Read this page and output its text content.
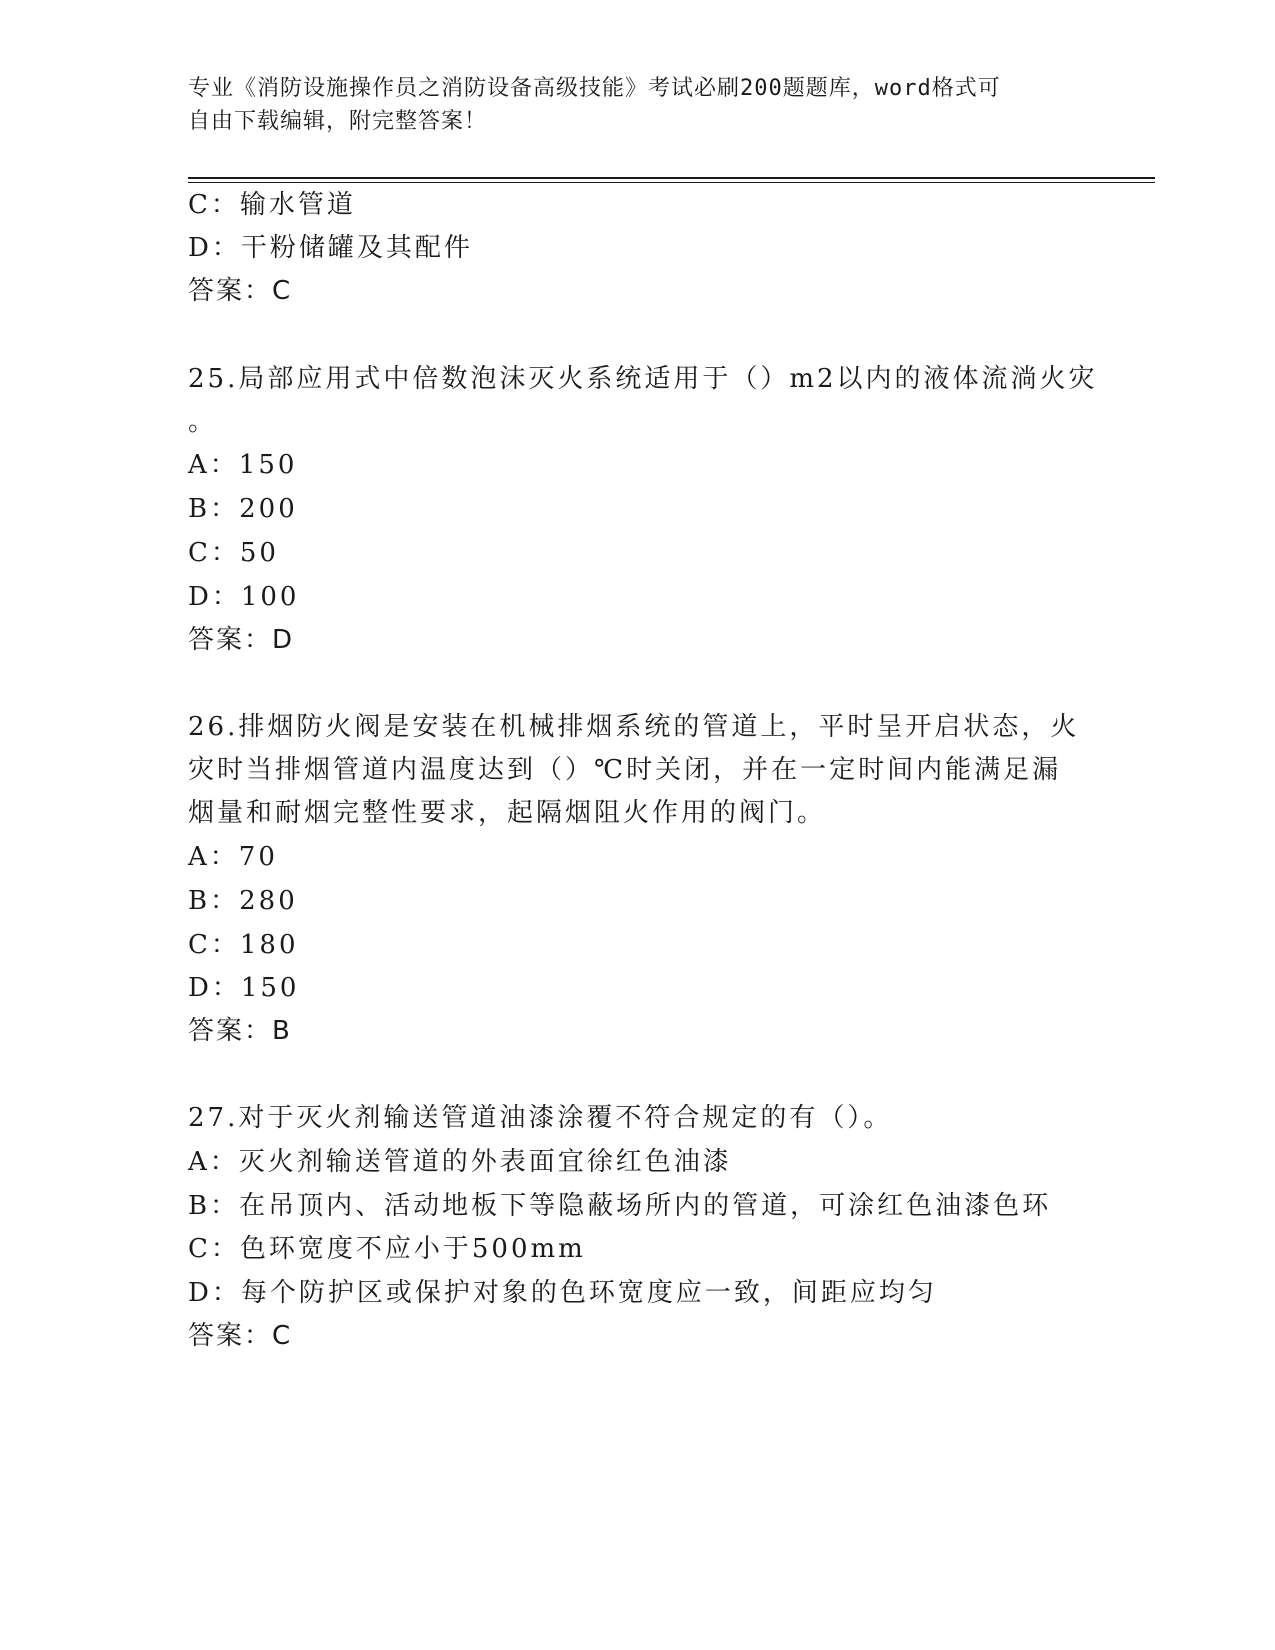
专业《消防设施操作员之消防设备高级技能》考试必刷200题题库，word格式可
自由下载编辑，附完整答案！
C：输水管道
D：干粉储罐及其配件
答案：C
25.局部应用式中倍数泡沫灭火系统适用于（）m2以内的液体流淌火灾
。
A：150
B：200
C：50
D：100
答案：D
26.排烟防火阀是安装在机械排烟系统的管道上，平时呈开启状态，火
灾时当排烟管道内温度达到（）℃时关闭，并在一定时间内能满足漏
烟量和耐烟完整性要求，起隔烟阻火作用的阀门。
A：70
B：280
C：180
D：150
答案：B
27.对于灭火剂输送管道油漆涂覆不符合规定的有（）。
A：灭火剂输送管道的外表面宜徐红色油漆
B：在吊顶内、活动地板下等隐蔽场所内的管道，可涂红色油漆色环
C：色环宽度不应小于500mm
D：每个防护区或保护对象的色环宽度应一致，间距应均匀
答案：C
